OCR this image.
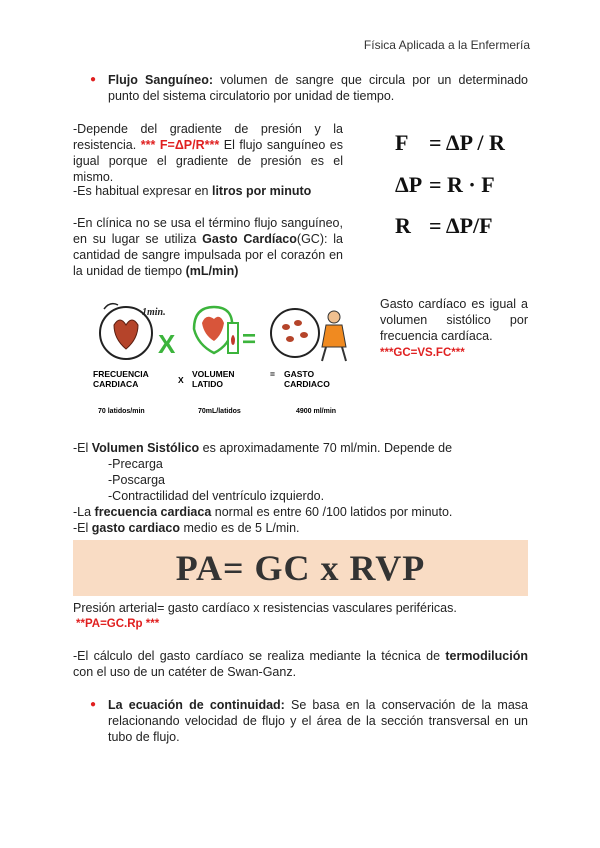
Física Aplicada a la Enfermería
● Flujo Sanguíneo: volumen de sangre que circula por un determinado punto del sistema circulatorio por unidad de tiempo.
-Depende del gradiente de presión y la resistencia. *** F=ΔP/R*** El flujo sanguíneo es igual porque el gradiente de presión es el mismo.
-Es habitual expresar en litros por minuto
-En clínica no se usa el término flujo sanguíneo, en su lugar se utiliza Gasto Cardíaco(GC): la cantidad de sangre impulsada por el corazón en la unidad de tiempo (mL/min)
F = ΔP / R
ΔP = R · F
R = ΔP/F
1min.
X	=
FRECUENCIA CARDIACA	X
VOLUMEN LATIDO
= GASTO CARDIACO
70 latidos/min	70mL/latidos	4900 ml/min
Gasto cardíaco es igual a volumen sistólico por frecuencia cardíaca.
***GC=VS.FC***
-El Volumen Sistólico es aproximadamente 70 ml/min. Depende de
-Precarga
-Poscarga
-Contractilidad del ventrículo izquierdo.
-La frecuencia cardiaca normal es entre 60 /100 latidos por minuto.
-El gasto cardiaco medio es de 5 L/min.
PA= GC x RVP
Presión arterial= gasto cardíaco x resistencias vasculares periféricas.
**PA=GC.Rp ***
-El cálculo del gasto cardíaco se realiza mediante la técnica de termodilución con el uso de un catéter de Swan-Ganz.
● La ecuación de continuidad: Se basa en la conservación de la masa relacionando velocidad de flujo y el área de la sección transversal en un tubo de flujo.
